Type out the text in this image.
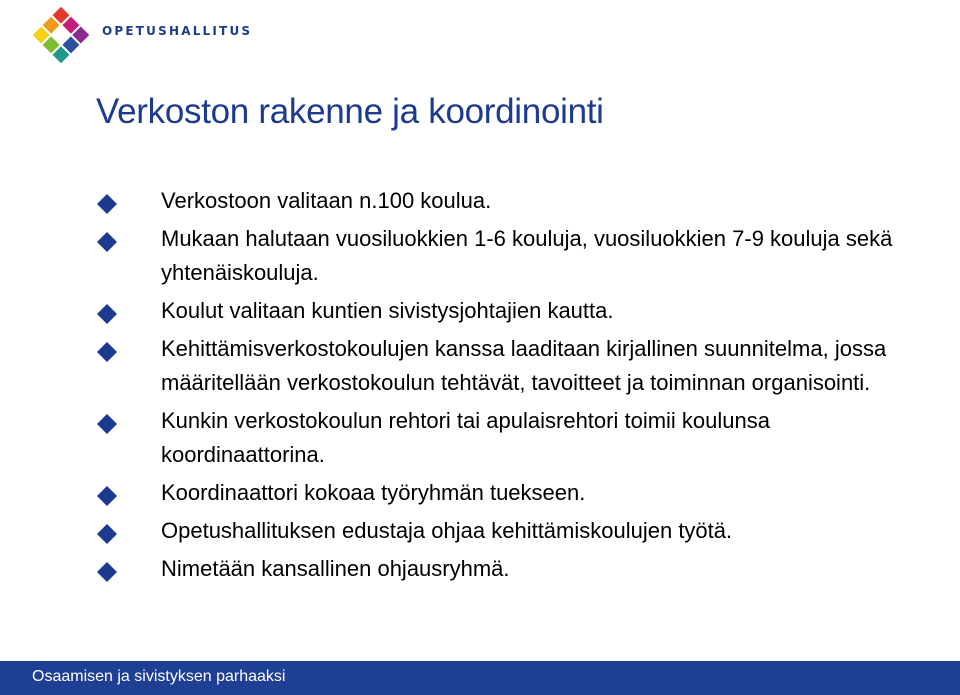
OPETUSHALLITUS
Verkoston rakenne ja koordinointi
Verkostoon valitaan n.100 koulua.
Mukaan halutaan vuosiluokkien 1-6 kouluja, vuosiluokkien 7-9 kouluja sekä yhtenäiskouluja.
Koulut valitaan kuntien sivistysjohtajien kautta.
Kehittämisverkostokoulujen kanssa laaditaan kirjallinen suunnitelma, jossa määritellään verkostokoulun tehtävät, tavoitteet ja toiminnan organisointi.
Kunkin verkostokoulun rehtori tai apulaisrehtori toimii koulunsa koordinaattorina.
Koordinaattori kokoaa työryhmän tuekseen.
Opetushallituksen edustaja ohjaa kehittämiskoulujen työtä.
Nimetään kansallinen ohjausryhmä.
Osaamisen ja sivistyksen parhaaksi
